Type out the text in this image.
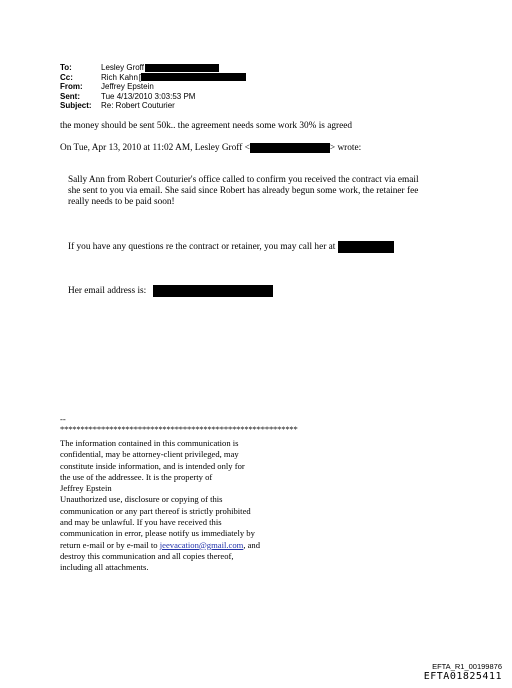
To:	Lesley Groff
Cc:	Rich Kahn[
From: Jeffrey Epstein
Sent:	Tue 4/13/2010 3:03:53 PM
Subject: Re: Robert Couturier
the money should be sent 50k.. the agreement needs some work 30% is agreed
On Tue, Apr 13, 2010 at 11:02 AM, Lesley Groff <	> wrote:
Sally Ann from Robert Couturier's office called to confirm you received the contract via email
she sent to you via email. She said since Robert has already begun some work, the retainer fee
really needs to be paid soon!
If you have any questions re the contract or retainer, you may call her at
Her email address is:
--
**********************************************************
The information contained in this communication is
confidential, may be attorney-client privileged, may
constitute inside information, and is intended only for
the use of the addressee. It is the property of
Jeffrey Epstein
Unauthorized use, disclosure or copying of this
communication or any part thereof is strictly prohibited
and may be unlawful. If you have received this
communication in error, please notify us immediately by
return e-mail or by e-mail to jeevacation@gmail.com, and
destroy this communication and all copies thereof,
including all attachments.
EFTA_R1_00199876
EFTA01825411
